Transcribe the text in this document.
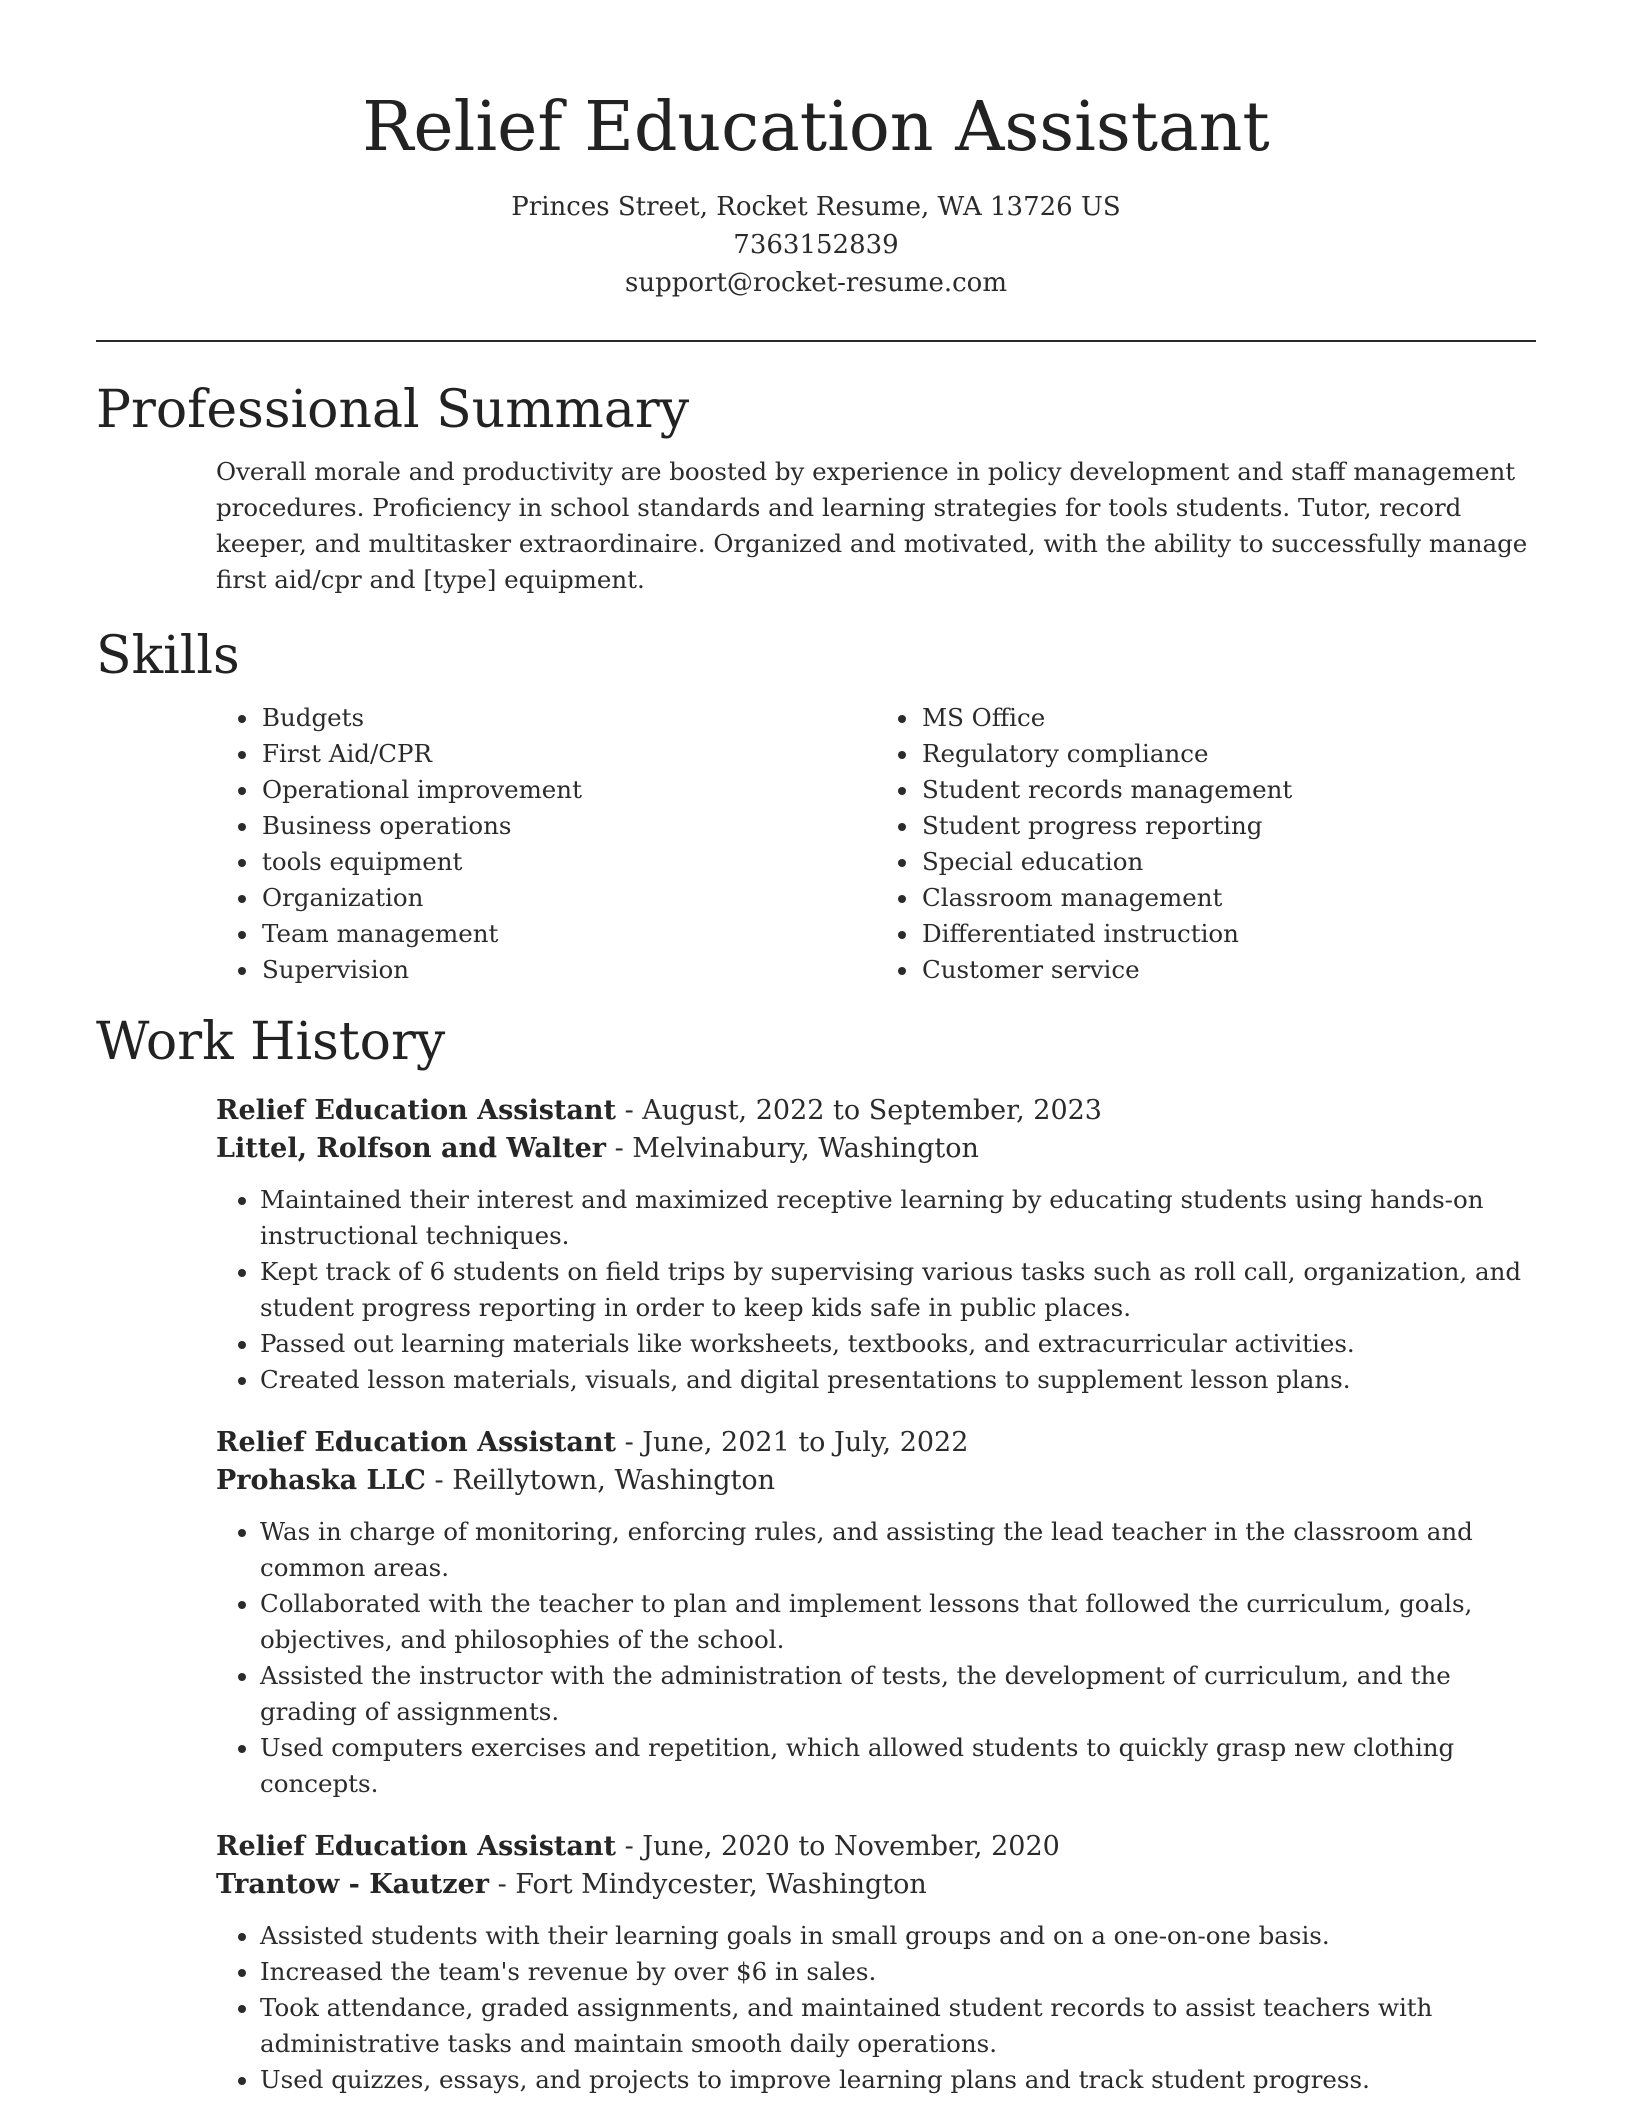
Relief Education Assistant
Princes Street, Rocket Resume, WA 13726 US
7363152839
support@rocket-resume.com
Professional Summary

Overall morale and productivity are boosted by experience in policy development and staff management procedures. Proficiency in school standards and learning strategies for tools students. Tutor, record keeper, and multitasker extraordinaire. Organized and motivated, with the ability to successfully manage first aid/cpr and [type] equipment.

Skills
• Budgets
• First Aid/CPR
• Operational improvement
• Business operations
• tools equipment
• Organization
• Team management
• Supervision
• MS Office
• Regulatory compliance
• Student records management
• Student progress reporting
• Special education
• Classroom management
• Differentiated instruction
• Customer service
Work History
Relief Education Assistant - August, 2022 to September, 2023
Littel, Rolfson and Walter - Melvinabury, Washington
• Maintained their interest and maximized receptive learning by educating students using hands-on instructional techniques.
• Kept track of 6 students on field trips by supervising various tasks such as roll call, organization, and student progress reporting in order to keep kids safe in public places.
• Passed out learning materials like worksheets, textbooks, and extracurricular activities.
• Created lesson materials, visuals, and digital presentations to supplement lesson plans.
Relief Education Assistant - June, 2021 to July, 2022
Prohaska LLC - Reillytown, Washington
• Was in charge of monitoring, enforcing rules, and assisting the lead teacher in the classroom and common areas.
• Collaborated with the teacher to plan and implement lessons that followed the curriculum, goals, objectives, and philosophies of the school.
• Assisted the instructor with the administration of tests, the development of curriculum, and the grading of assignments.
• Used computers exercises and repetition, which allowed students to quickly grasp new clothing concepts.
Relief Education Assistant - June, 2020 to November, 2020
Trantow - Kautzer - Fort Mindycester, Washington
• Assisted students with their learning goals in small groups and on a one-on-one basis.
• Increased the team's revenue by over $6 in sales.
• Took attendance, graded assignments, and maintained student records to assist teachers with administrative tasks and maintain smooth daily operations.
• Used quizzes, essays, and projects to improve learning plans and track student progress.
